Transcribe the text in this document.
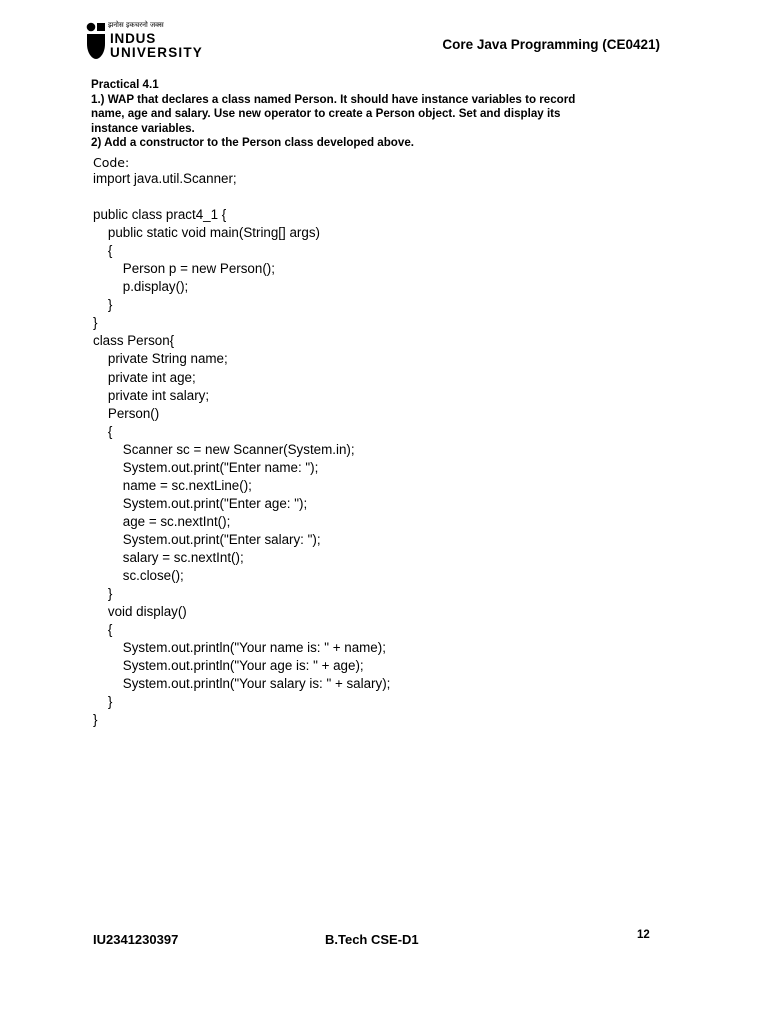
झनोस इकचरनो जक्स
INDUS
UNIVERSITY
Core Java Programming (CE0421)
Practical 4.1
1.) WAP that declares a class named Person. It should have instance variables to record
name, age and salary. Use new operator to create a Person object. Set and display its
instance variables.
2) Add a constructor to the Person class developed above.
Code:
import java.util.Scanner;

public class pract4_1 {
public static void main(String[] args)
{
Person p = new Person();
p.display();
}
}
class Person{
private String name;
private int age;
private int salary;
Person()
{
Scanner sc = new Scanner(System.in);
System.out.print("Enter name: ");
name = sc.nextLine();
System.out.print("Enter age: ");
age = sc.nextInt();
System.out.print("Enter salary: ");
salary = sc.nextInt();
sc.close();
}
void display()
{
System.out.println("Your name is: " + name);
System.out.println("Your age is: " + age);
System.out.println("Your salary is: " + salary);
}
}
IU2341230397	B.Tech CSE-D1	12
